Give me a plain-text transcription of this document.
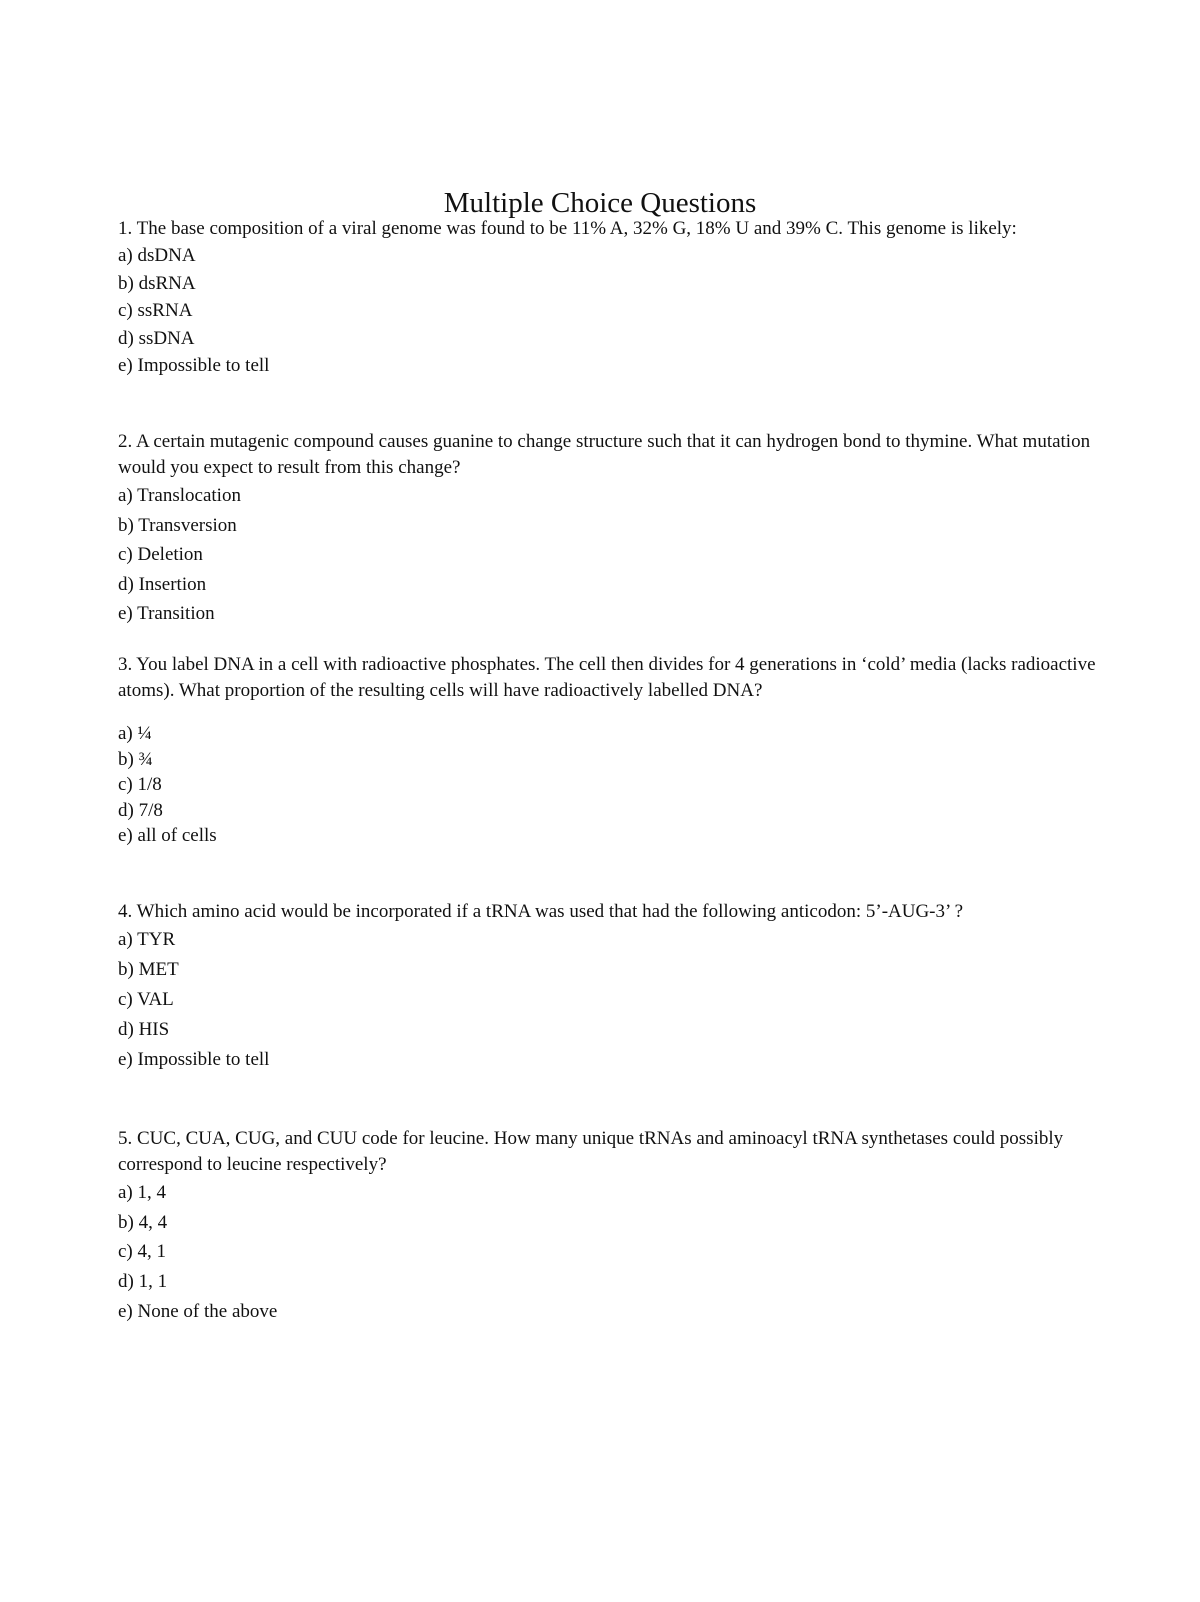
Multiple Choice Questions

1. The base composition of a viral genome was found to be 11% A, 32% G, 18% U and 39% C. This genome is likely:

a) dsDNA

b) dsRNA

c) ssRNA

d) ssDNA

e) Impossible to tell

2. A certain mutagenic compound causes guanine to change structure such that it can hydrogen bond to thymine. What mutation would you expect to result from this change?

a) Translocation

b) Transversion

c) Deletion

d) Insertion

e) Transition

3. You label DNA in a cell with radioactive phosphates. The cell then divides for 4 generations in ‘cold’ media (lacks radioactive atoms). What proportion of the resulting cells will have radioactively labelled DNA?

a) ¼

b) ¾

c) 1/8

d) 7/8

e) all of cells

4. Which amino acid would be incorporated if a tRNA was used that had the following anticodon: 5’-AUG-3’ ?

a) TYR

b) MET

c) VAL

d) HIS

e) Impossible to tell

5. CUC, CUA, CUG, and CUU code for leucine. How many unique tRNAs and aminoacyl tRNA synthetases could possibly correspond to leucine respectively?

a) 1, 4

b) 4, 4

c) 4, 1

d) 1, 1

e) None of the above
